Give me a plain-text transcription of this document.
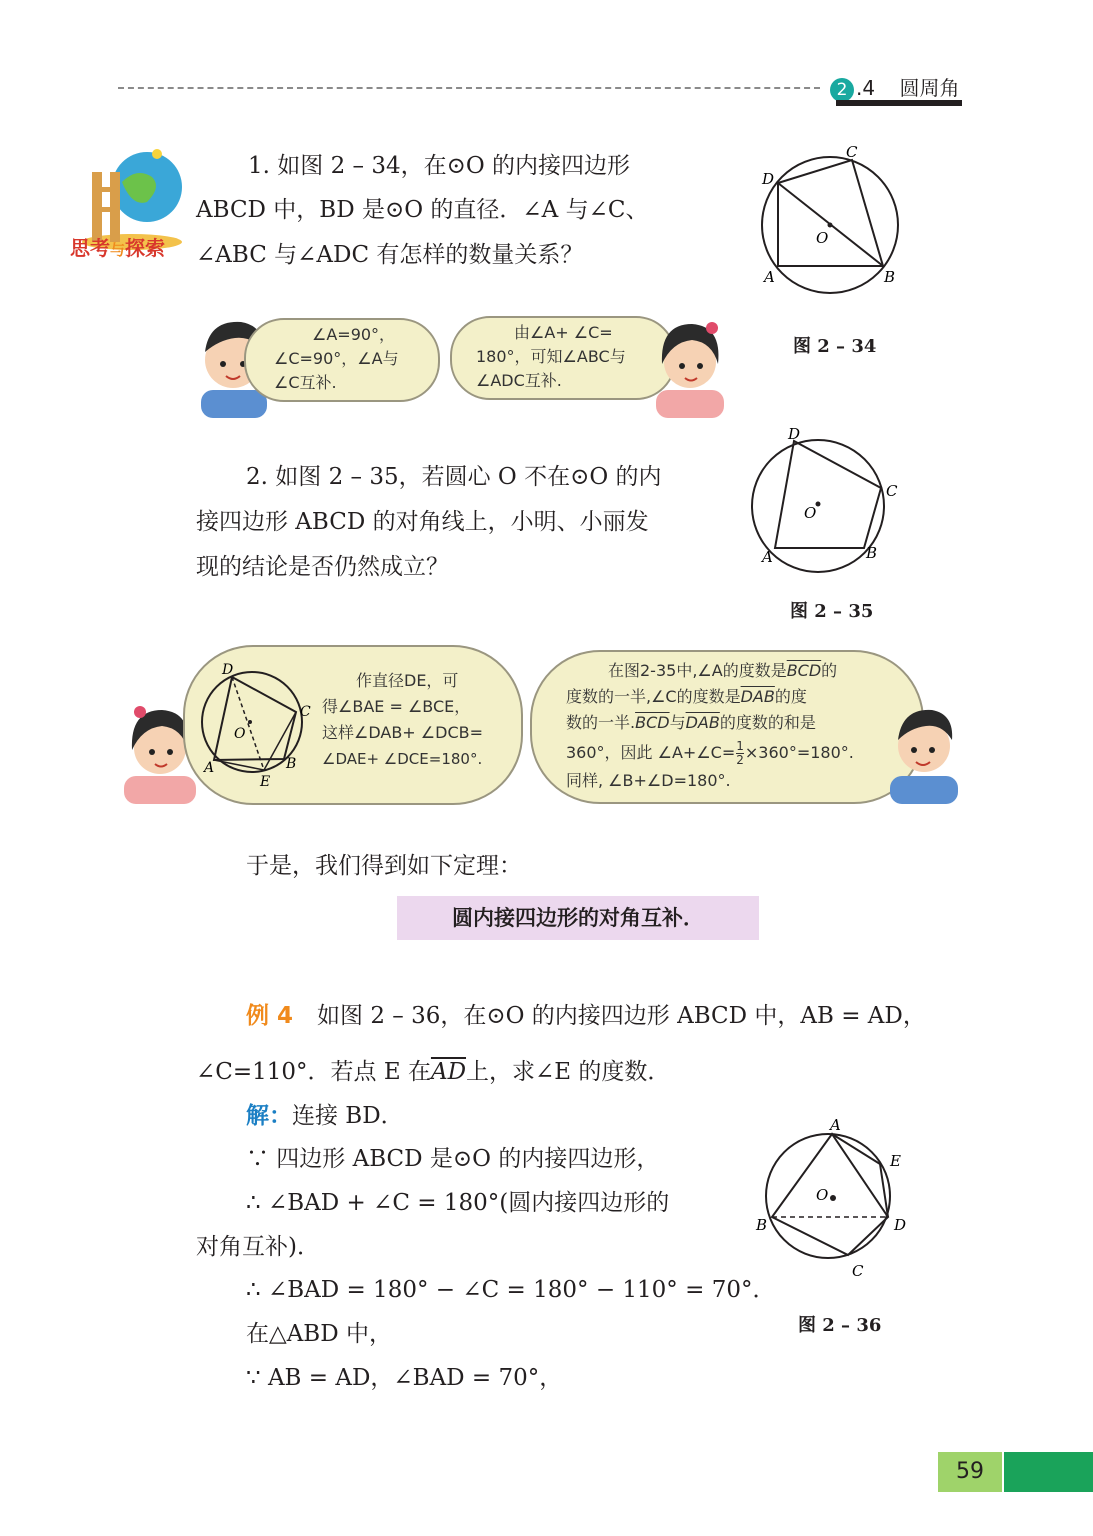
2 .4 圆周角
思考与探索
1. 如图 2 – 34，在⊙O 的内接四边形
ABCD 中，BD 是⊙O 的直径．∠A 与∠C、
∠ABC 与∠ADC 有怎样的数量关系？
D
C
O
A	B
图 2 – 34
∠A=90°，
∠C=90°，∠A与
∠C互补.
由∠A+ ∠C=
180°，可知∠ABC与
∠ADC互补.
2. 如图 2 – 35，若圆心 O 不在⊙O 的内
接四边形 ABCD 的对角线上，小明、小丽发
现的结论是否仍然成立？
D
C
O
A	B
图 2 – 35
D
C
O
A	B
E
作直径DE，可
得∠BAE = ∠BCE，
这样∠DAB+ ∠DCB=
∠DAE+ ∠DCE=180°.
在图2-35中,∠A的度数是$\overline{BCD}$的
度数的一半,∠C的度数是$\overline{DAB}$的度
数的一半$.\overline{BCD}$与$\overline{DAB}$的度数的和是
360°，因此 ∠A+∠C= $\frac{1}{2} \times 360^\circ=180^\circ$.
同样, ∠B+∠D=180°.
于是，我们得到如下定理：
圆内接四边形的对角互补．
例 4 如图 2 – 36，在⊙O 的内接四边形 ABCD 中，AB = AD，
∠C=110°．若点 E 在$\overline{AD}$上，求∠E 的度数．
解：连接 BD．
∵ 四边形 ABCD 是⊙O 的内接四边形，
∴ ∠BAD + ∠C = 180°(圆内接四边形的
对角互补)．
∴ ∠BAD = 180° − ∠C = 180° − 110° = 70°．
在△ABD 中，
∵ AB = AD，∠BAD = 70°，
A
E
O
B	D
C
图 2 – 36
59
